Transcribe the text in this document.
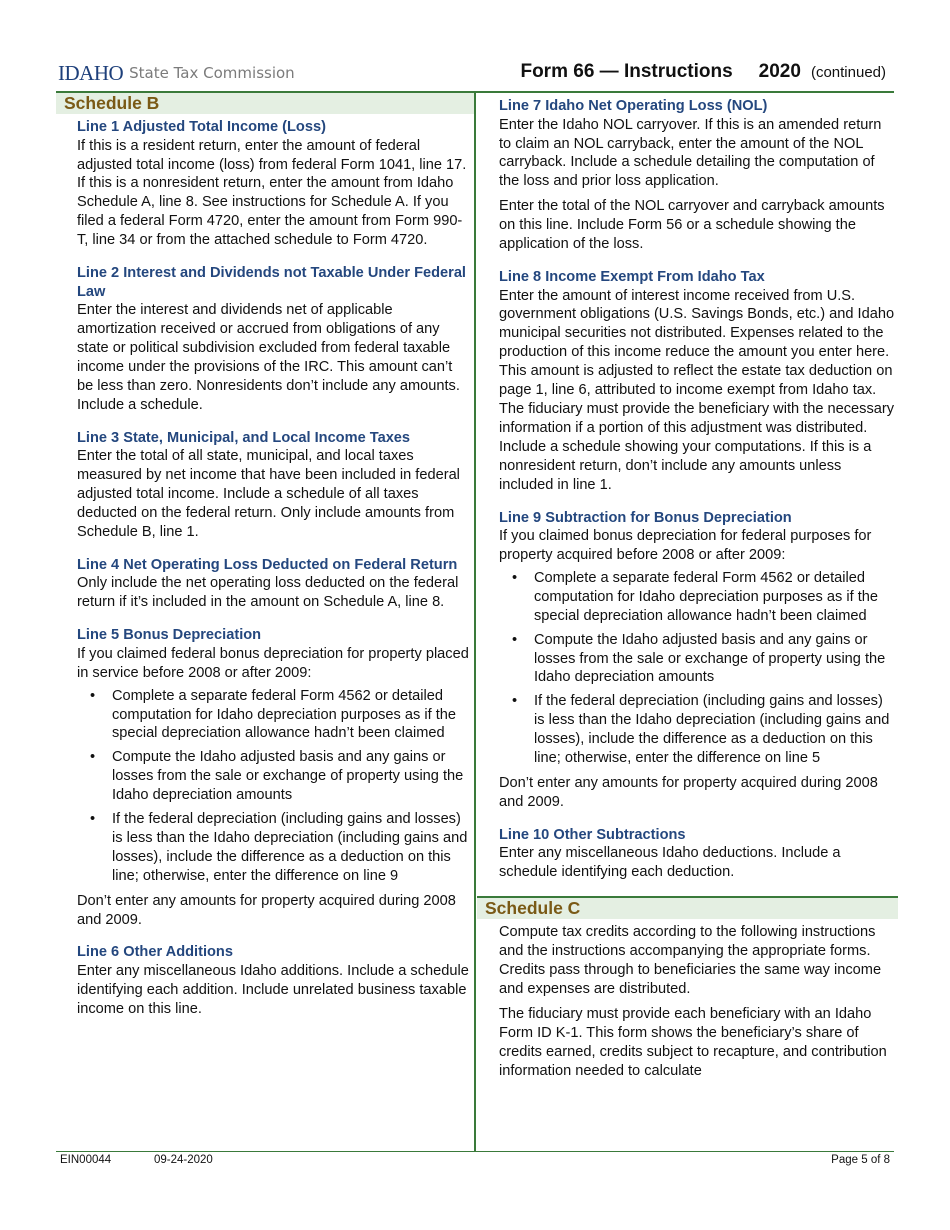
IDAHO State Tax Commission	Form 66 — Instructions 2020 (continued)
Schedule B
Line 1 Adjusted Total Income (Loss)

If this is a resident return, enter the amount of federal adjusted total income (loss) from federal Form 1041, line 17. If this is a nonresident return, enter the amount from Idaho Schedule A, line 8. See instructions for Schedule A. If you filed a federal Form 4720, enter the amount from Form 990-T, line 34 or from the attached schedule to Form 4720.

Line 2 Interest and Dividends not Taxable Under Federal Law

Enter the interest and dividends net of applicable amortization received or accrued from obligations of any state or political subdivision excluded from federal taxable income under the provisions of the IRC. This amount can’t be less than zero. Nonresidents don’t include any amounts. Include a schedule.

Line 3 State, Municipal, and Local Income Taxes

Enter the total of all state, municipal, and local taxes measured by net income that have been included in federal adjusted total income. Include a schedule of all taxes deducted on the federal return. Only include amounts from Schedule B, line 1.

Line 4 Net Operating Loss Deducted on Federal Return

Only include the net operating loss deducted on the federal return if it’s included in the amount on Schedule A, line 8.

Line 5 Bonus Depreciation

If you claimed federal bonus depreciation for property placed in service before 2008 or after 2009:

• Complete a separate federal Form 4562 or detailed computation for Idaho depreciation purposes as if the special depreciation allowance hadn’t been claimed
• Compute the Idaho adjusted basis and any gains or losses from the sale or exchange of property using the Idaho depreciation amounts
• If the federal depreciation (including gains and losses) is less than the Idaho depreciation (including gains and losses), include the difference as a deduction on this line; otherwise, enter the difference on line 9

Don’t enter any amounts for property acquired during 2008 and 2009.

Line 6 Other Additions

Enter any miscellaneous Idaho additions. Include a schedule identifying each addition. Include unrelated business taxable income on this line.

Line 7 Idaho Net Operating Loss (NOL)

Enter the Idaho NOL carryover. If this is an amended return to claim an NOL carryback, enter the amount of the NOL carryback. Include a schedule detailing the computation of the loss and prior loss application.

Enter the total of the NOL carryover and carryback amounts on this line. Include Form 56 or a schedule showing the application of the loss.

Line 8 Income Exempt From Idaho Tax

Enter the amount of interest income received from U.S. government obligations (U.S. Savings Bonds, etc.) and Idaho municipal securities not distributed. Expenses related to the production of this income reduce the amount you enter here. This amount is adjusted to reflect the estate tax deduction on page 1, line 6, attributed to income exempt from Idaho tax. The fiduciary must provide the beneficiary with the necessary information if a portion of this adjustment was distributed. Include a schedule showing your computations. If this is a nonresident return, don’t include any amounts unless included in line 1.

Line 9 Subtraction for Bonus Depreciation

If you claimed bonus depreciation for federal purposes for property acquired before 2008 or after 2009:

• Complete a separate federal Form 4562 or detailed computation for Idaho depreciation purposes as if the special depreciation allowance hadn’t been claimed
• Compute the Idaho adjusted basis and any gains or losses from the sale or exchange of property using the Idaho depreciation amounts
• If the federal depreciation (including gains and losses) is less than the Idaho depreciation (including gains and losses), include the difference as a deduction on this line; otherwise, enter the difference on line 5

Don’t enter any amounts for property acquired during 2008 and 2009.

Line 10 Other Subtractions

Enter any miscellaneous Idaho deductions. Include a schedule identifying each deduction.

Schedule C

Compute tax credits according to the following instructions and the instructions accompanying the appropriate forms. Credits pass through to beneficiaries the same way income and expenses are distributed.

The fiduciary must provide each beneficiary with an Idaho Form ID K-1. This form shows the beneficiary’s share of credits earned, credits subject to recapture, and contribution information needed to calculate

EIN00044	09-24-2020	Page 5 of 8
